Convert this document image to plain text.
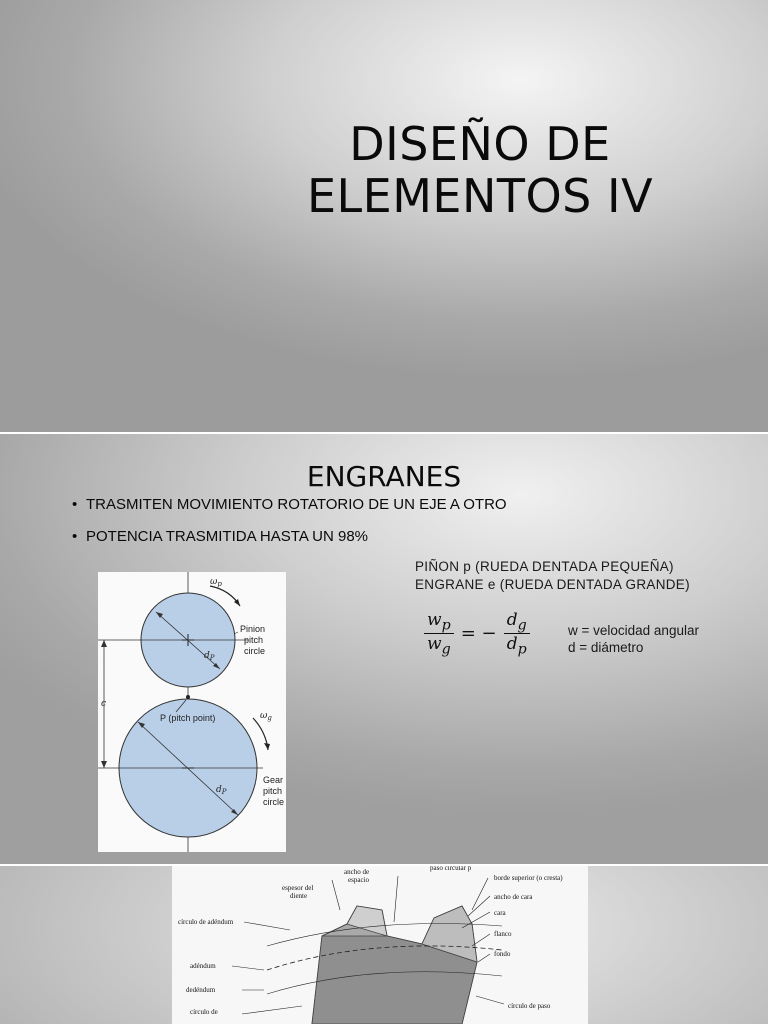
DISEÑO DE ELEMENTOS IV
ENGRANES
• TRASMITEN MOVIMIENTO ROTATORIO DE UN EJE A OTRO
• POTENCIA TRASMITIDA HASTA UN 98%
PIÑON p (RUEDA DENTADA PEQUEÑA)
ENGRANE e (RUEDA DENTADA GRANDE)
$\frac{w_p}{w_g}$ = − $\frac{d_g}{d_p}$	w = velocidad angular
d = diámetro
c
$d_P$
$d_P$
P (pitch point)
$\omega_p$
$\omega_g$
Pinion
pitch
circle
Gear
pitch
circle
ancho de
espacio
paso circular p
espesor del
diente
borde superior (o cresta)
ancho de cara
cara
flanco
fondo
círculo de adéndum
adéndum
dedéndum
círculo de paso
círculo de
